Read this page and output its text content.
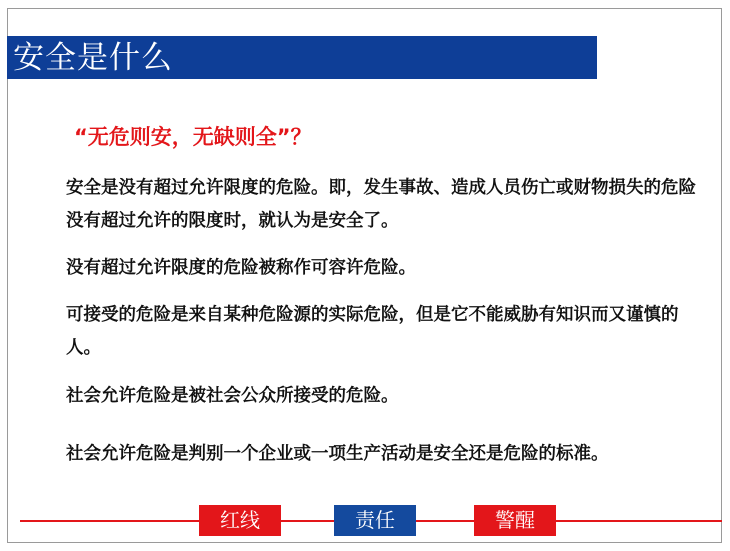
安全是什么
“无危则安，无缺则全”？
安全是没有超过允许限度的危险。即，发生事故、造成人员伤亡或财物损失的危险没有超过允许的限度时，就认为是安全了。
没有超过允许限度的危险被称作可容许危险。
可接受的危险是来自某种危险源的实际危险，但是它不能威胁有知识而又谨慎的人。
社会允许危险是被社会公众所接受的危险。
社会允许危险是判别一个企业或一项生产活动是安全还是危险的标准。
红线	责任	警醒
